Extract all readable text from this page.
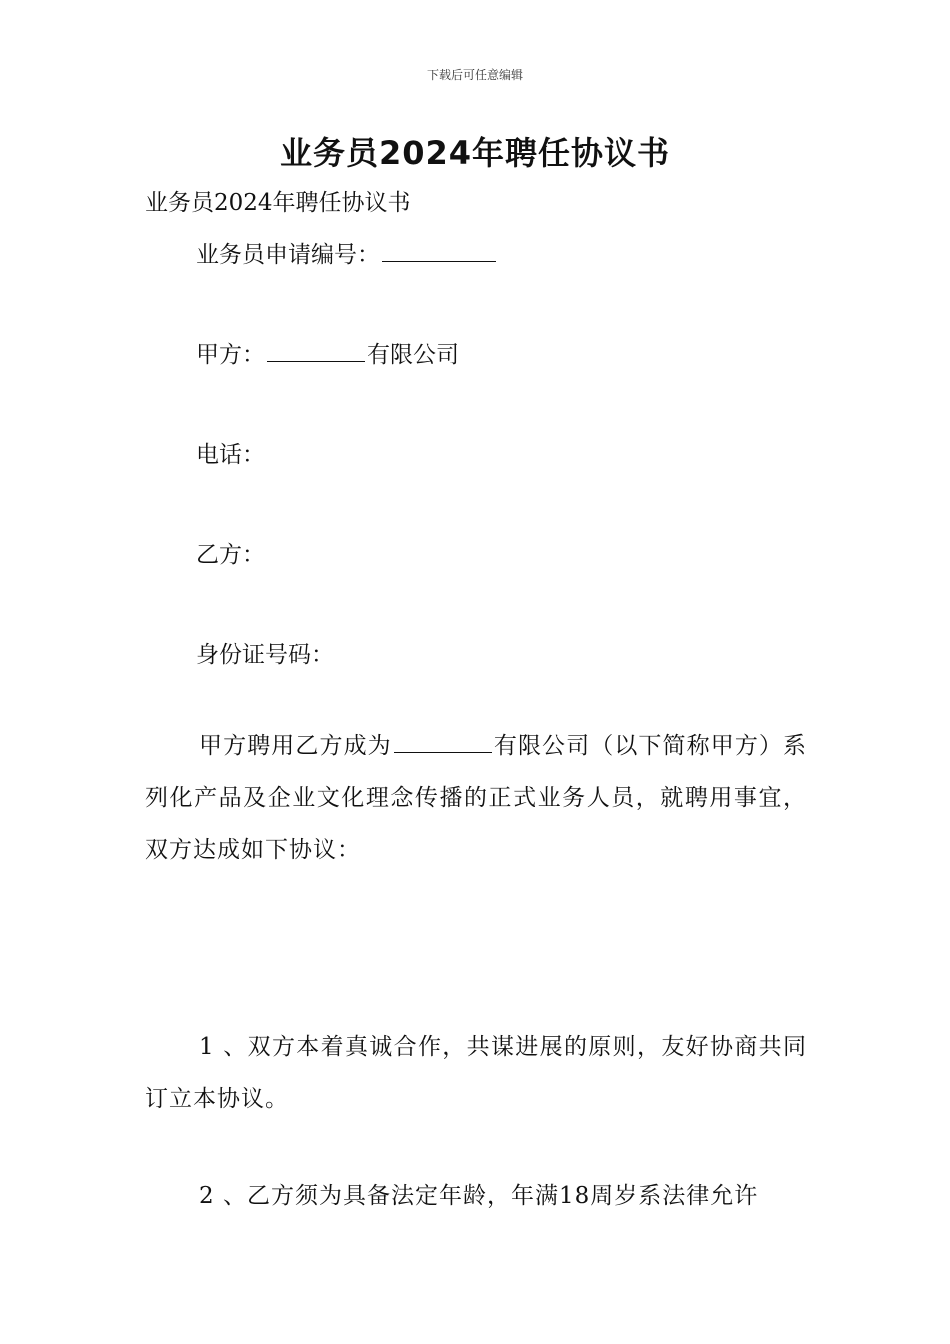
下载后可任意编辑
业务员2024年聘任协议书
业务员2024年聘任协议书
业务员申请编号：
甲方：	有限公司
电话：
乙方：
身份证号码：
甲方聘用乙方成为	有限公司（以下简称甲方）系列化产品及企业文化理念传播的正式业务人员，就聘用事宜，双方达成如下协议：
1 、双方本着真诚合作，共谋进展的原则，友好协商共同订立本协议。
2 、乙方须为具备法定年龄，年满18周岁系法律允许
